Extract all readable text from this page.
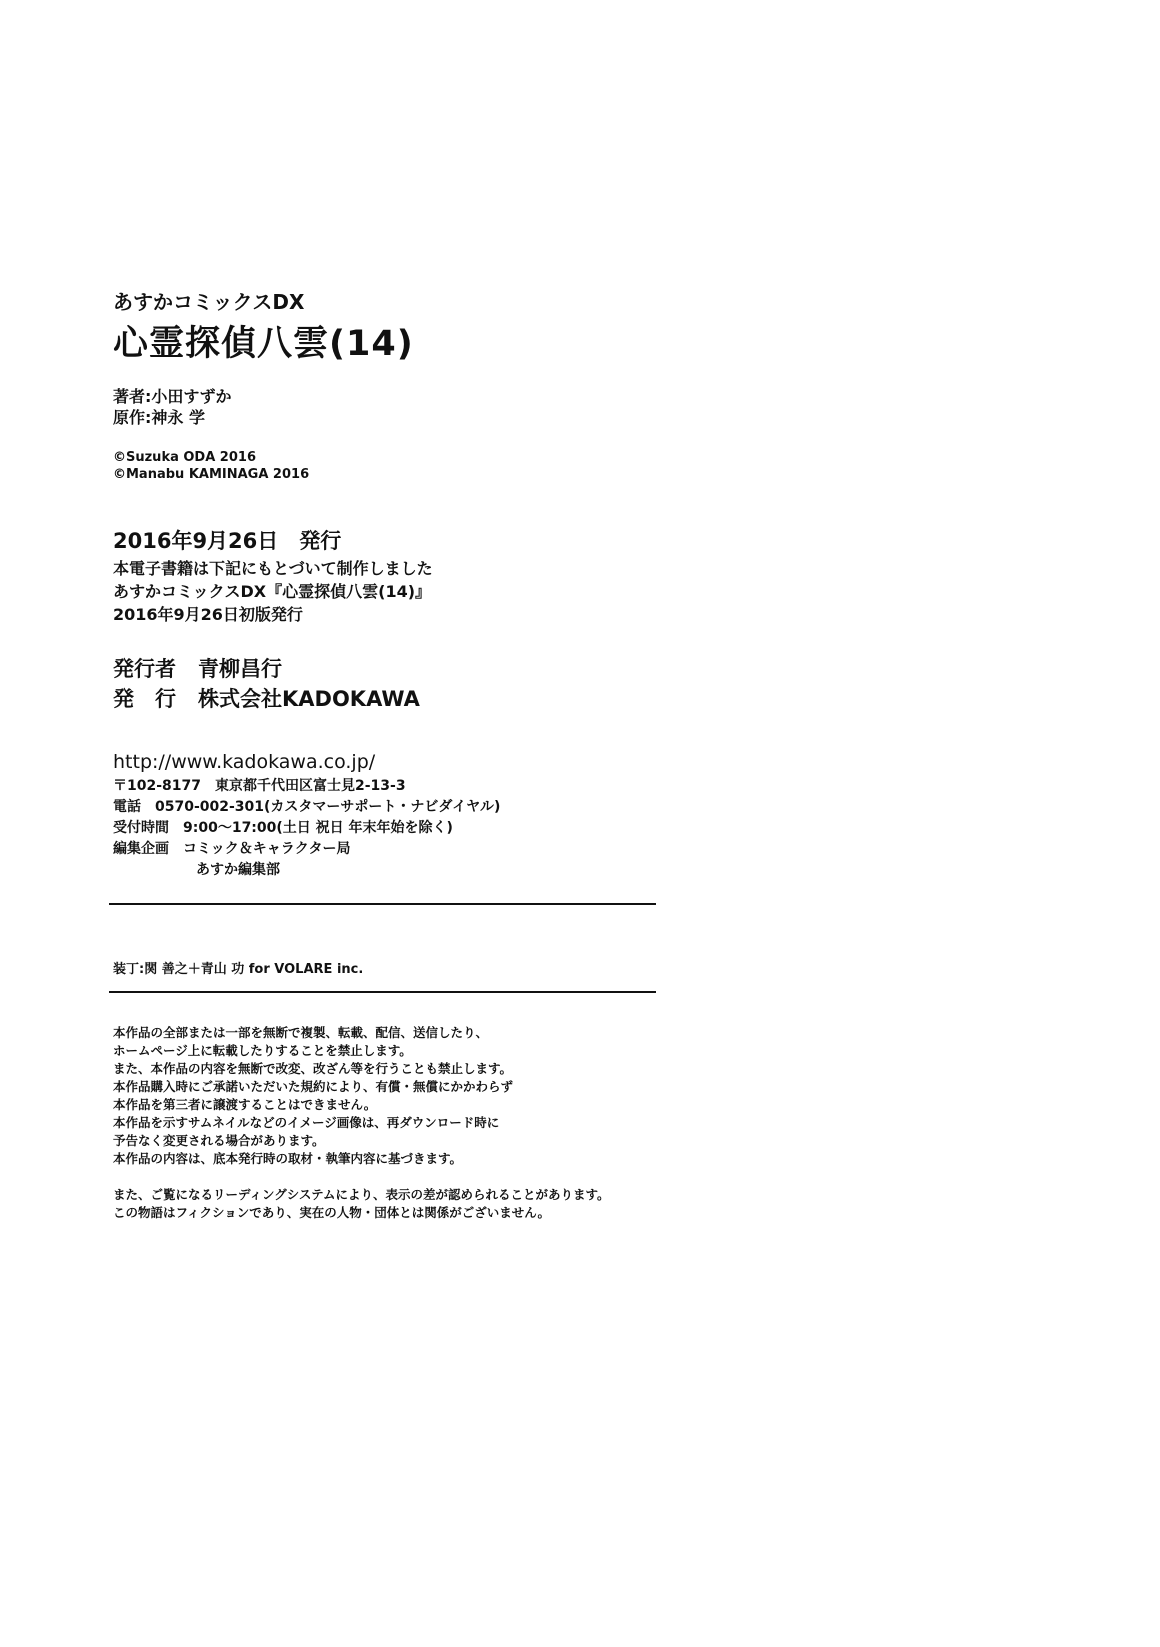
あすかコミックスDX
心霊探偵八雲(14)
著者:小田すずか
原作:神永 学
©Suzuka ODA 2016
©Manabu KAMINAGA 2016
2016年9月26日　発行
本電子書籍は下記にもとづいて制作しました
あすかコミックスDX『心霊探偵八雲(14)』
2016年9月26日初版発行
発行者 青柳昌行
発　行 株式会社KADOKAWA
http://www.kadokawa.co.jp/
〒102-8177　東京都千代田区富士見2-13-3
電話　0570-002-301(カスタマーサポート・ナビダイヤル)
受付時間　9:00〜17:00(土日 祝日 年末年始を除く)
編集企画　コミック＆キャラクター局
あすか編集部
装丁:関 善之＋青山 功 for VOLARE inc.
本作品の全部または一部を無断で複製、転載、配信、送信したり、
ホームページ上に転載したりすることを禁止します。
また、本作品の内容を無断で改変、改ざん等を行うことも禁止します。
本作品購入時にご承諾いただいた規約により、有償・無償にかかわらず
本作品を第三者に譲渡することはできません。
本作品を示すサムネイルなどのイメージ画像は、再ダウンロード時に
予告なく変更される場合があります。
本作品の内容は、底本発行時の取材・執筆内容に基づきます。
また、ご覧になるリーディングシステムにより、表示の差が認められることがあります。
この物語はフィクションであり、実在の人物・団体とは関係がございません。
